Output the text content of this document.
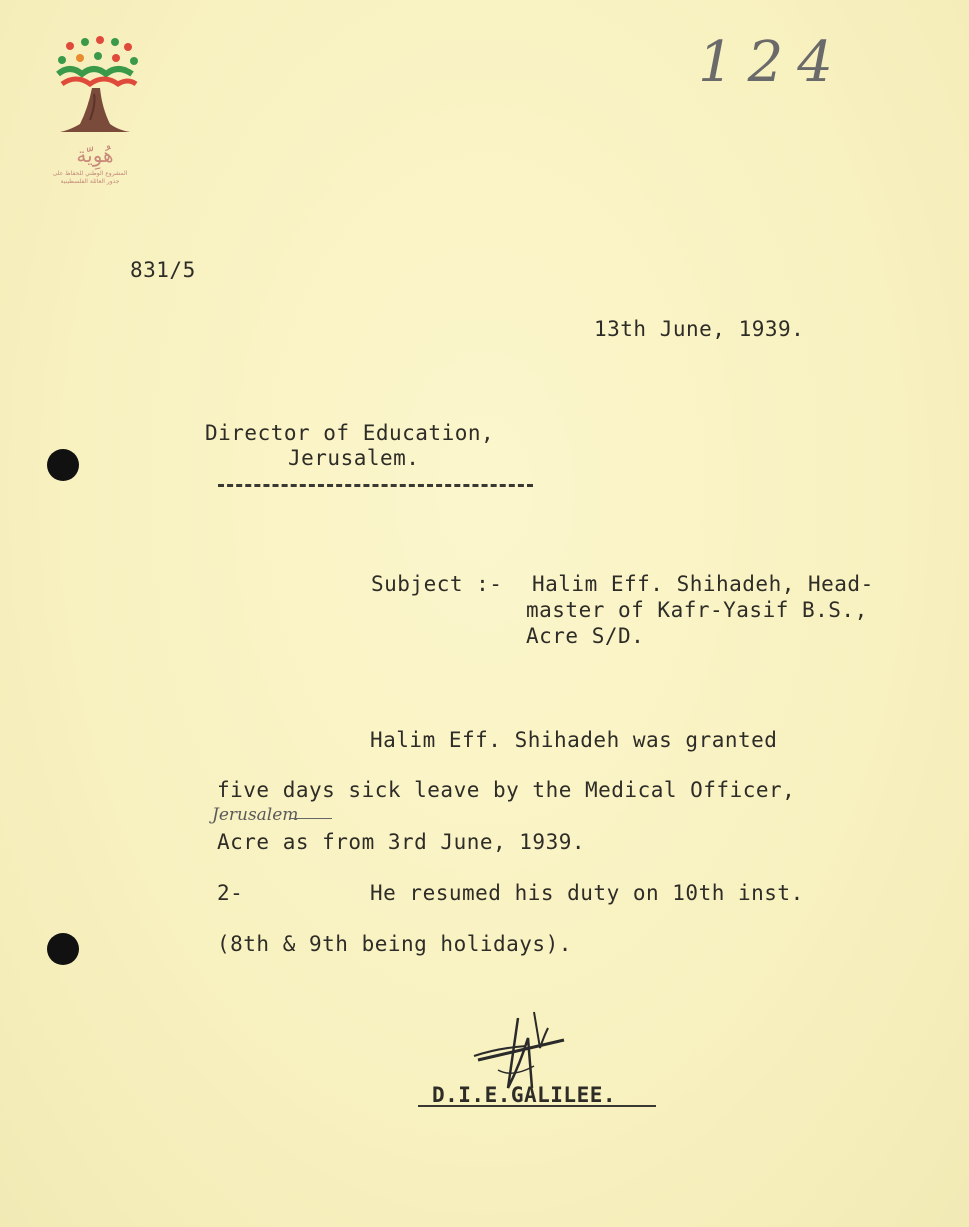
هُوِيّة
المشروع الوطني للحفاظ على
جذور العائلة الفلسطينية
124
831/5
13th June, 1939.
Director of Education,
Jerusalem.
Subject :- Halim Eff. Shihadeh, Head-
master of Kafr-Yasif B.S.,
Acre S/D.
Halim Eff. Shihadeh was granted
five days sick leave by the Medical Officer,
Jerusalem
Acre as from 3rd June, 1939.
2-	He resumed his duty on 10th inst.
(8th & 9th being holidays).
D.I.E.GALILEE.
